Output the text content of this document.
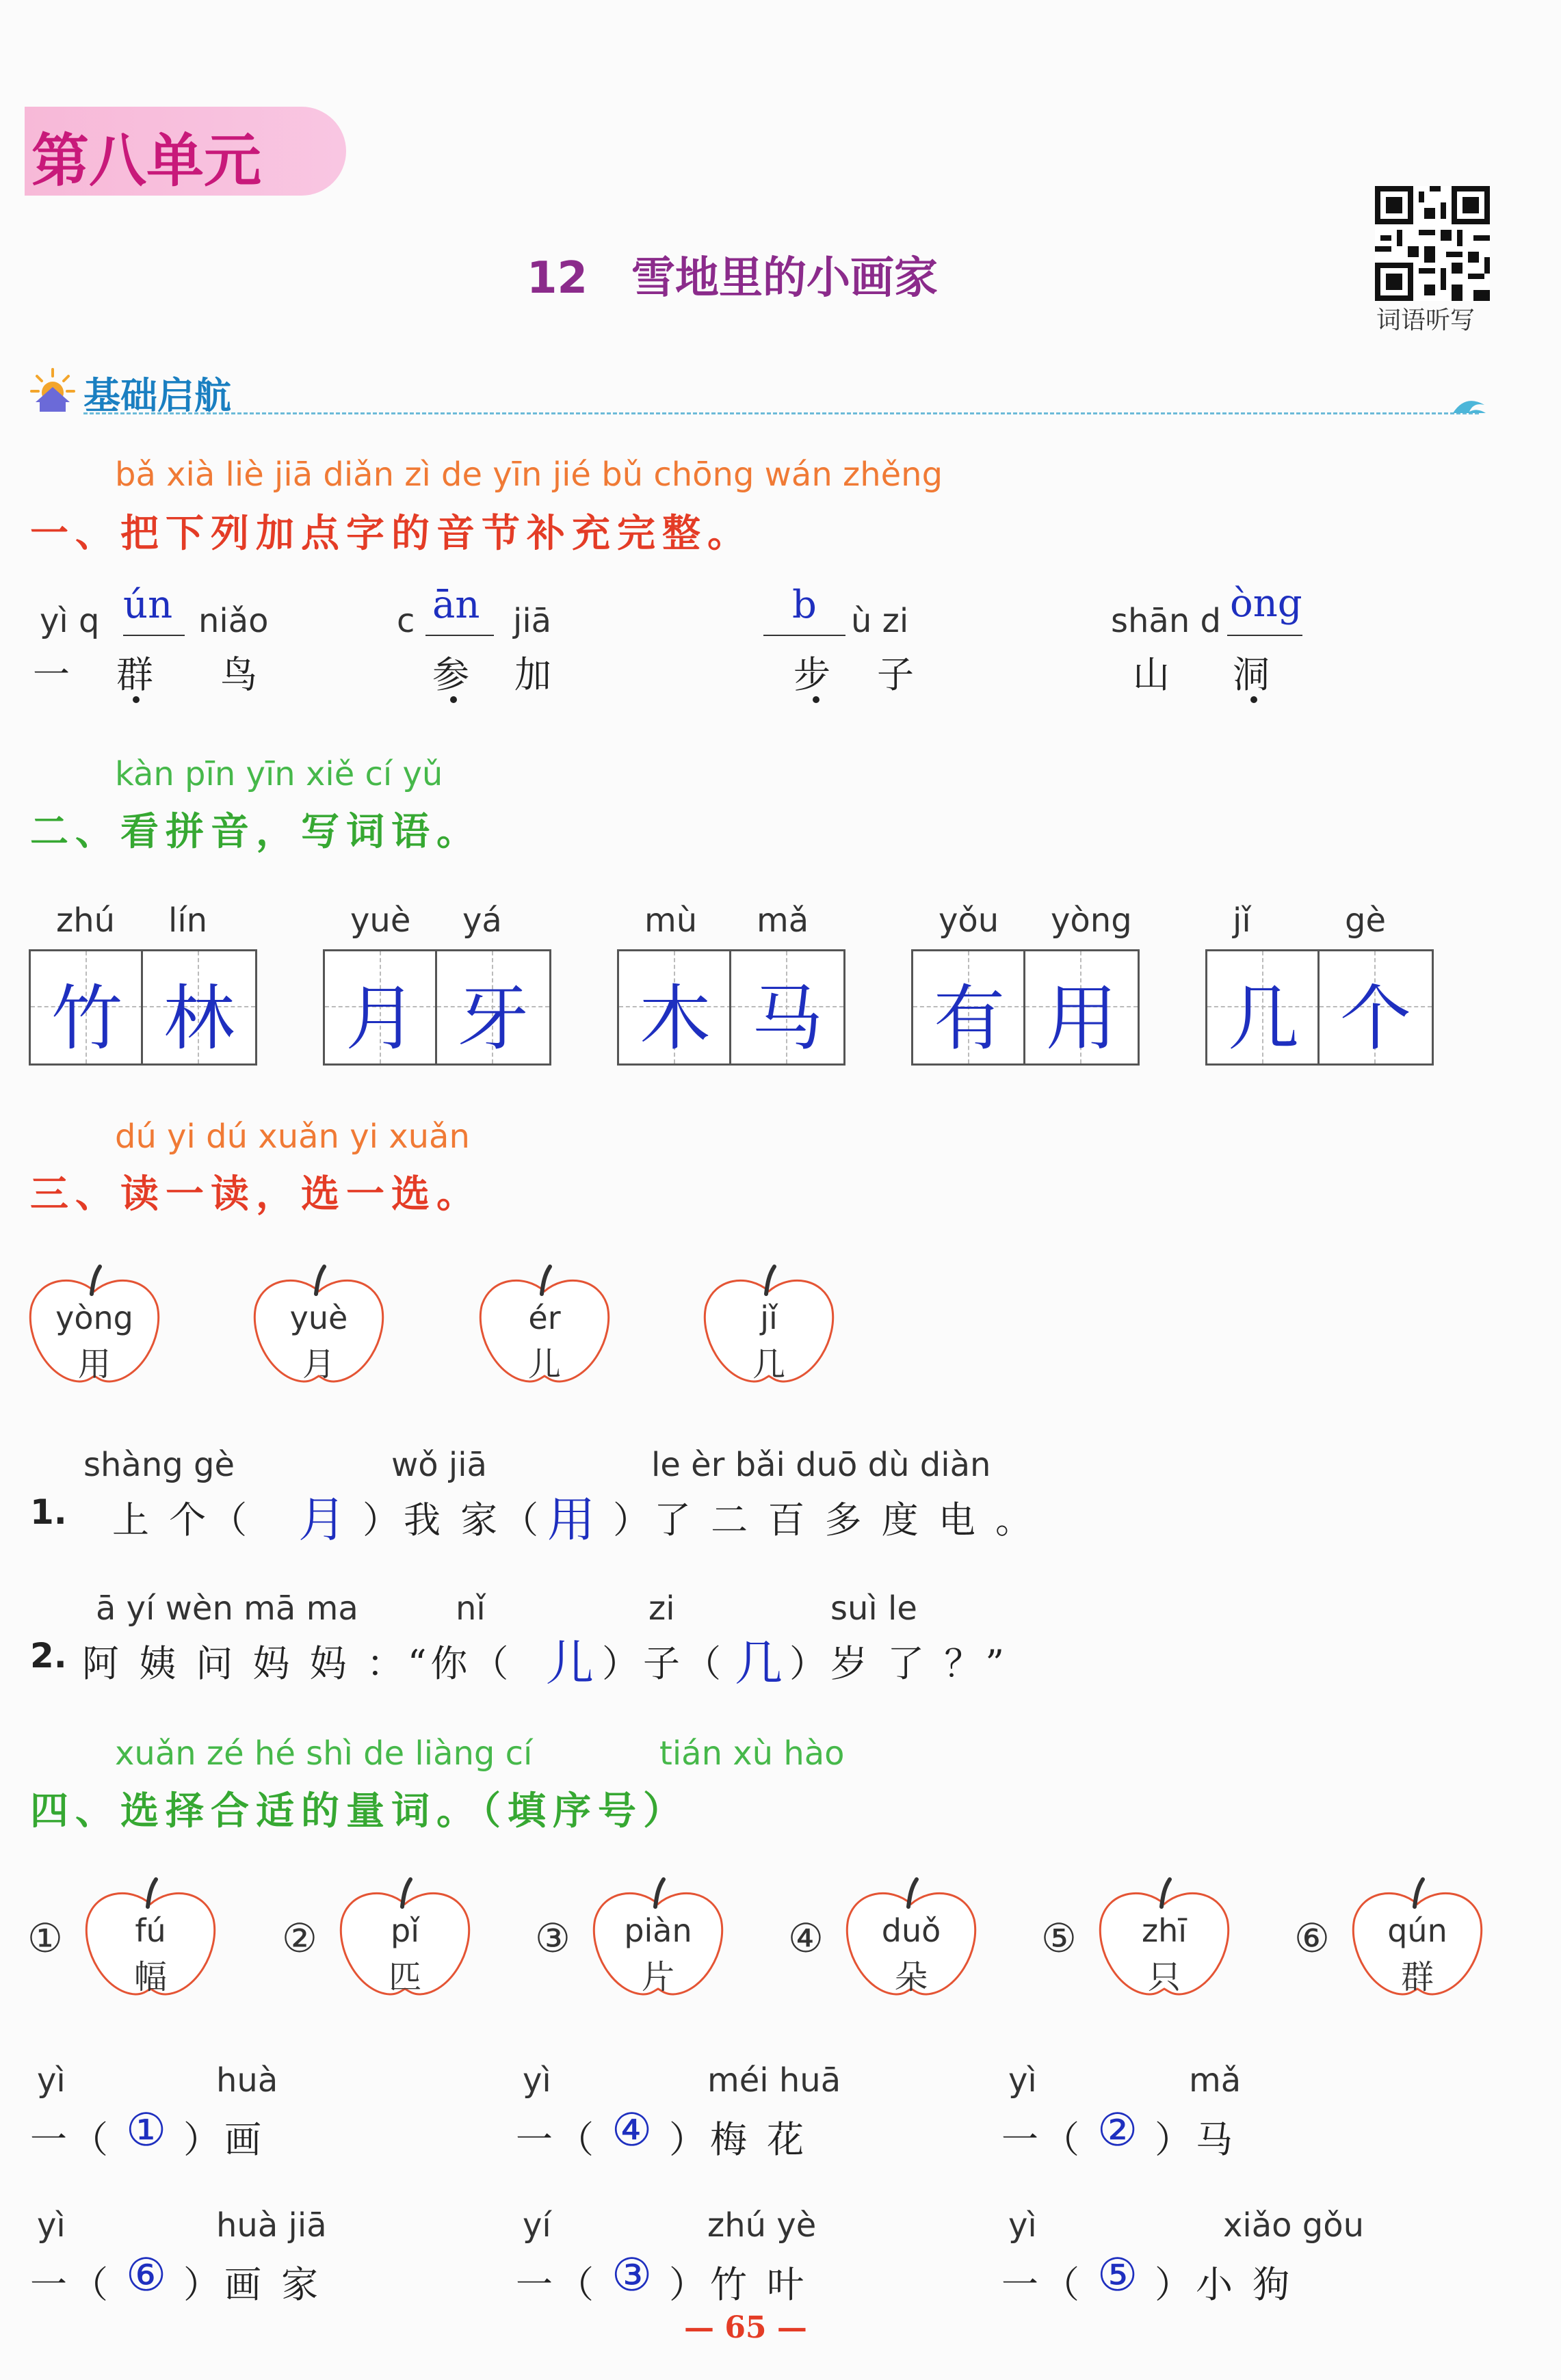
第八单元
12　雪地里的小画家
词语听写
基础启航
bǎ xià liè jiā diǎn zì de yīn jié bǔ chōng wán zhěng
一、把下列加点字的音节补充完整。
yì q ún niǎo
一 群 鸟
c ān jiā
参 加
b ù zi
步 子
shān d òng
山 洞
kàn pīn yīn xiě cí yǔ
二、看拼音，写词语。
zhú lín
竹 林
yuè yá
月 牙
mù mǎ
木 马
yǒu yòng
有 用
jǐ	gè
几 个
dú yi dú xuǎn yi xuǎn
三、读一读，选一选。
yòng
用
yuè
月
ér
儿
jǐ
几
shàng gè	wǒ jiā	le èr bǎi duō dù diàn
1. 上 个（ 月 ）我 家（ 用 ）了 二 百 多 度 电 。
ā yí wèn mā ma	nǐ	zi	suì le
2. 阿 姨 问 妈 妈 ：“你（ 儿 ）子（ 几 ）岁 了 ？”
xuǎn zé hé shì de liàng cí	tián xù hào
四、选择合适的量词。（填序号）
①	fú
幅
②	pǐ
匹
③	piàn
片
④	duǒ
朵
⑤	zhī
只
⑥	qún
群
yì	huà
一（ ① ）画
yì	méi huā
一（ ④ ）梅 花
yì	mǎ
一（ ② ）马
yì	huà jiā
一（ ⑥ ）画 家
yí	zhú yè
一（ ③ ）竹 叶
yì	xiǎo gǒu
一（ ⑤ ）小 狗
— 65 —
